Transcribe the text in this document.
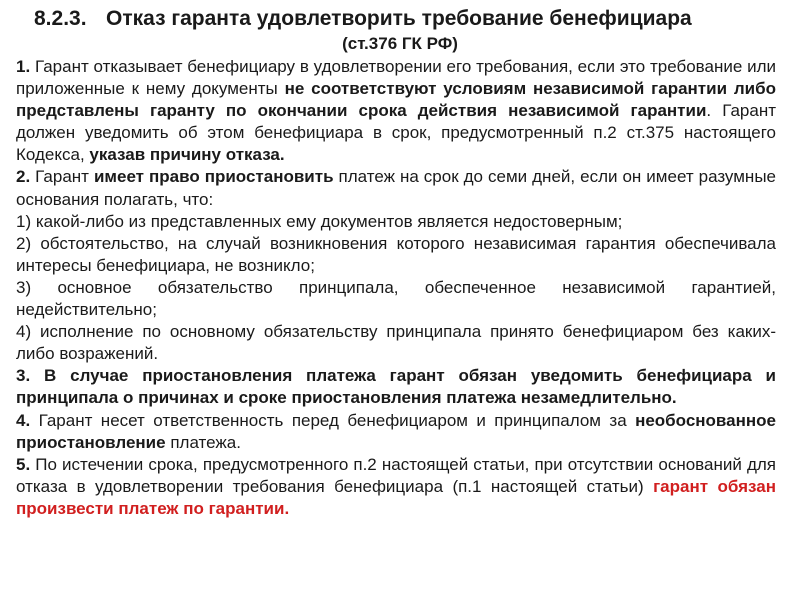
8.2.3. Отказ гаранта удовлетворить требование бенефициара
(ст.376 ГК РФ)

1. Гарант отказывает бенефициару в удовлетворении его требования, если это требование или приложенные к нему документы не соответствуют условиям независимой гарантии либо представлены гаранту по окончании срока действия независимой гарантии. Гарант должен уведомить об этом бенефициара в срок, предусмотренный п.2 ст.375 настоящего Кодекса, указав причину отказа.

2. Гарант имеет право приостановить платеж на срок до семи дней, если он имеет разумные основания полагать, что:

1) какой-либо из представленных ему документов является недостоверным;

2) обстоятельство, на случай возникновения которого независимая гарантия обеспечивала интересы бенефициара, не возникло;

3) основное обязательство принципала, обеспеченное независимой гарантией, недействительно;

4) исполнение по основному обязательству принципала принято бенефициаром без каких-либо возражений.

3. В случае приостановления платежа гарант обязан уведомить бенефициара и принципала о причинах и сроке приостановления платежа незамедлительно.

4. Гарант несет ответственность перед бенефициаром и принципалом за необоснованное приостановление платежа.

5. По истечении срока, предусмотренного п.2 настоящей статьи, при отсутствии оснований для отказа в удовлетворении требования бенефициара (п.1 настоящей статьи) гарант обязан произвести платеж по гарантии.
